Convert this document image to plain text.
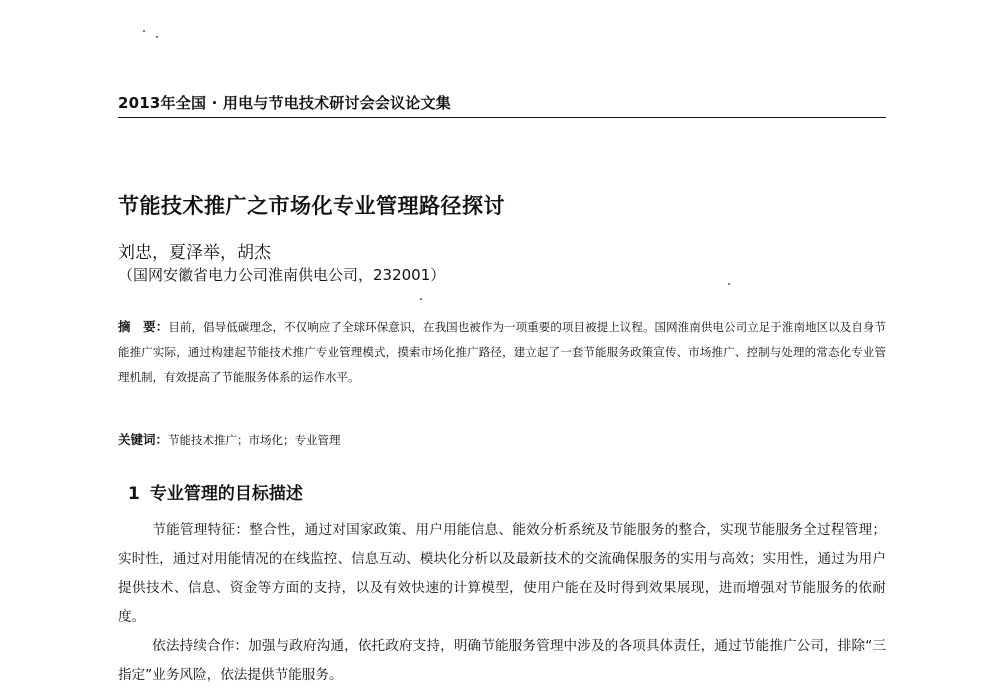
2013年全国 · 用电与节电技术研讨会会议论文集
节能技术推广之市场化专业管理路径探讨
刘忠，夏泽举，胡杰
（国网安徽省电力公司淮南供电公司，232001）

摘　要：目前，倡导低碳理念，不仅响应了全球环保意识，在我国也被作为一项重要的项目被提上议程。国网淮南供电公司立足于淮南地区以及自身节能推广实际，通过构建起节能技术推广专业管理模式，摸索市场化推广路径，建立起了一套节能服务政策宣传、市场推广、控制与处理的常态化专业管理机制，有效提高了节能服务体系的运作水平。

关键词：节能技术推广；市场化；专业管理

1 专业管理的目标描述

节能管理特征：整合性，通过对国家政策、用户用能信息、能效分析系统及节能服务的整合，实现节能服务全过程管理；实时性，通过对用能情况的在线监控、信息互动、模块化分析以及最新技术的交流确保服务的实用与高效；实用性，通过为用户提供技术、信息、资金等方面的支持，以及有效快速的计算模型，使用户能在及时得到效果展现，进而增强对节能服务的依耐度。

依法持续合作：加强与政府沟通，依托政府支持，明确节能服务管理中涉及的各项具体责任，通过节能推广公司，排除“三指定”业务风险，依法提供节能服务。
